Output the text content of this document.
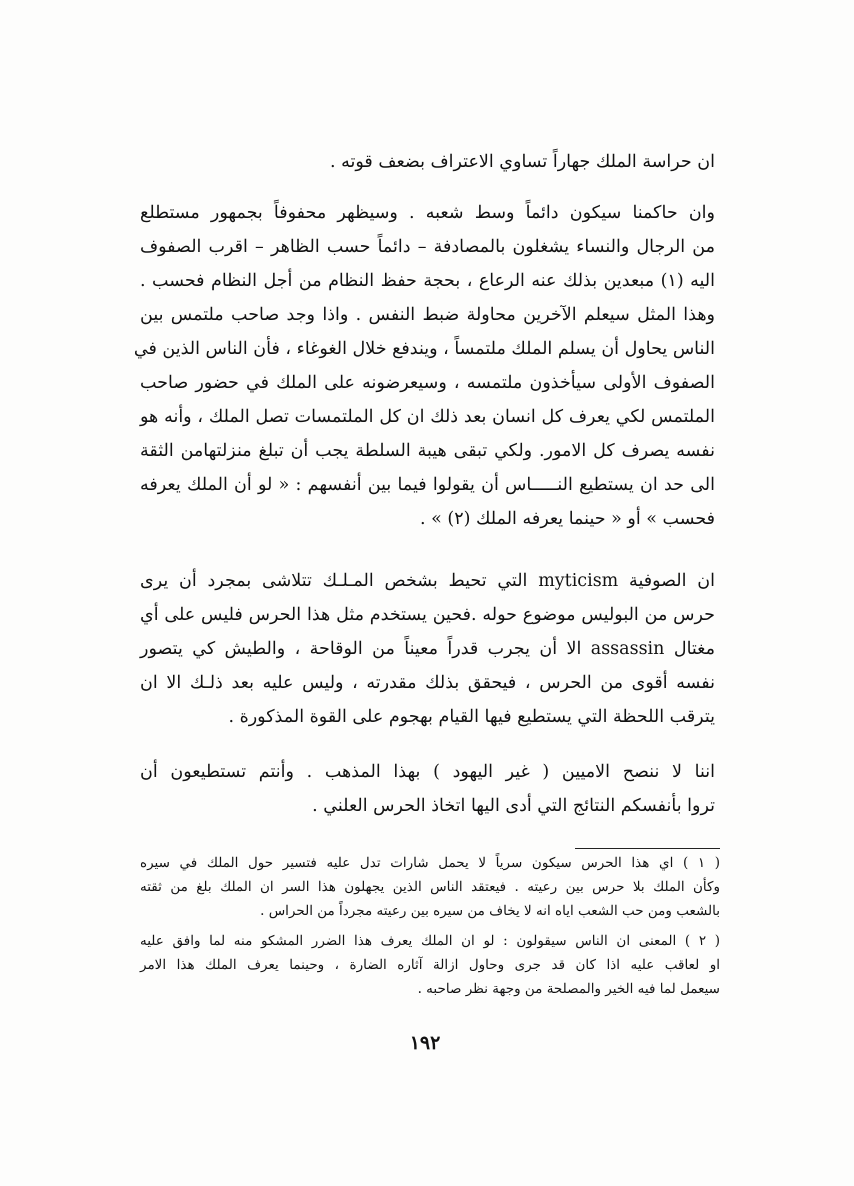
ان حراسة الملك جهاراً تساوي الاعتراف بضعف قوته .
وان حاكمنا سيكون دائماً وسط شعبه . وسيظهر محفوفاً بجمهور مستطلع
من الرجال والنساء يشغلون بالمصادفة – دائماً حسب الظاهر – اقرب الصفوف
اليه (١) مبعدين بذلك عنه الرعاع ، بحجة حفظ النظام من أجل النظام فحسب .
وهذا المثل سيعلم الآخرين محاولة ضبط النفس . واذا وجد صاحب ملتمس بين
الناس يحاول أن يسلم الملك ملتمساً ، ويندفع خلال الغوغاء ، فأن الناس الذين في
الصفوف الأولى سيأخذون ملتمسه ، وسيعرضونه على الملك في حضور صاحب
الملتمس لكي يعرف كل انسان بعد ذلك ان كل الملتمسات تصل الملك ، وأنه هو
نفسه يصرف كل الامور. ولكي تبقى هيبة السلطة يجب أن تبلغ منزلتهامن الثقة
الى حد ان يستطيع النـــــاس أن يقولوا فيما بين أنفسهم : « لو أن الملك يعرفه
فحسب » أو « حينما يعرفه الملك (٢) » .
ان الصوفية myticism التي تحيط بشخص المـلـك تتلاشى بمجرد أن يرى
حرس من البوليس موضوع حوله .فحين يستخدم مثل هذا الحرس فليس على أي
مغتال assassin الا أن يجرب قدراً معيناً من الوقاحة ، والطيش كي يتصور
نفسه أقوى من الحرس ، فيحقق بذلك مقدرته ، وليس عليه بعد ذلـك الا ان
يترقب اللحظة التي يستطيع فيها القيام بهجوم على القوة المذكورة .
اننا لا ننصح الاميين ( غير اليهود ) بهذا المذهب . وأنتم تستطيعون أن
تروا بأنفسكم النتائج التي أدى اليها اتخاذ الحرس العلني .
( ١ ) اي هذا الحرس سيكون سرياً لا يحمل شارات تدل عليه فتسير حول الملك في سيره
وكأن الملك بلا حرس بين رعيته . فيعتقد الناس الذين يجهلون هذا السر ان الملك بلغ من ثقته
بالشعب ومن حب الشعب اياه انه لا يخاف من سيره بين رعيته مجرداً من الحراس .
( ٢ ) المعنى ان الناس سيقولون : لو ان الملك يعرف هذا الضرر المشكو منه لما وافق عليه
او لعاقب عليه اذا كان قد جرى وحاول ازالة آثاره الضارة ، وحينما يعرف الملك هذا الامر
سيعمل لما فيه الخير والمصلحة من وجهة نظر صاحبه .
١٩٢
